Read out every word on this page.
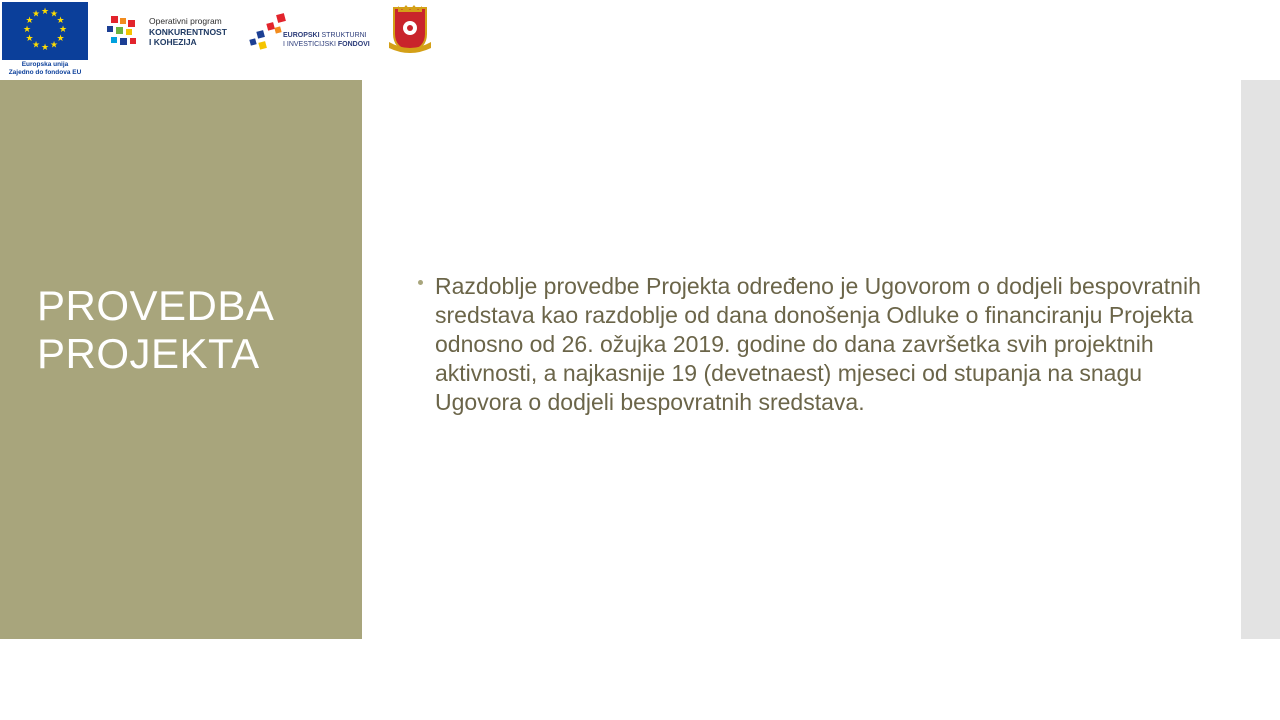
★ ★
★
★
★
★
★
★
★
★
★
★
Europska unija
Zajedno do fondova EU
Operativni program
KONKURENTNOST
I KOHEZIJA
EUROPSKI STRUKTURNI
I INVESTICIJSKI FONDOVI
PROVEDBA
PROJEKTA
Razdoblje provedbe Projekta određeno je Ugovorom o dodjeli bespovratnih sredstava kao razdoblje od dana donošenja Odluke o financiranju Projekta odnosno od 26. ožujka 2019. godine do dana završetka svih projektnih aktivnosti, a najkasnije 19 (devetnaest) mjeseci od stupanja na snagu Ugovora o dodjeli bespovratnih sredstava.
